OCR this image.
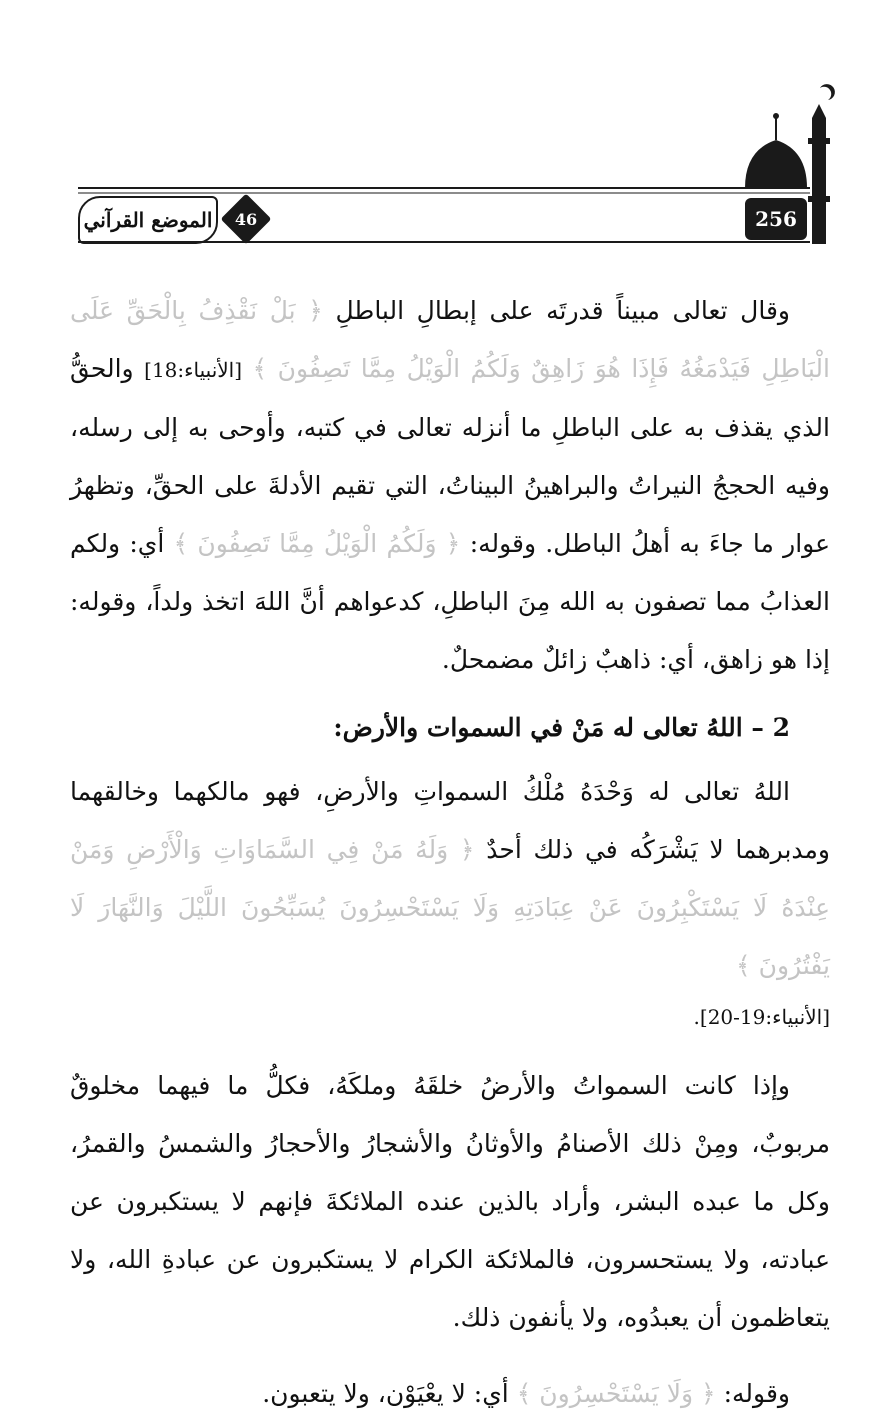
256
46
الموضع القرآني

وقال تعالى مبيناً قدرتَه على إبطالِ الباطلِ ﴿ بَلْ نَقْذِفُ بِالْحَقِّ عَلَى الْبَاطِلِ فَيَدْمَغُهُ فَإِذَا هُوَ زَاهِقٌ وَلَكُمُ الْوَيْلُ مِمَّا تَصِفُونَ ﴾ [الأنبياء:18] والحقُّ الذي يقذف به على الباطلِ ما أنزله تعالى في كتبه، وأوحى به إلى رسله، وفيه الحججُ النيراتُ والبراهينُ البيناتُ، التي تقيم الأدلةَ على الحقِّ، وتظهرُ عوار ما جاءَ به أهلُ الباطل. وقوله: ﴿ وَلَكُمُ الْوَيْلُ مِمَّا تَصِفُونَ ﴾ أي: ولكم العذابُ مما تصفون به الله مِنَ الباطلِ، كدعواهم أنَّ اللهَ اتخذ ولداً، وقوله: إذا هو زاهق، أي: ذاهبٌ زائلٌ مضمحلٌ.

2 – اللهُ تعالى له مَنْ في السموات والأرض:

اللهُ تعالى له وَحْدَهُ مُلْكُ السمواتِ والأرضِ، فهو مالكهما وخالقهما ومدبرهما لا يَشْرَكُه في ذلك أحدٌ ﴿ وَلَهُ مَنْ فِي السَّمَاوَاتِ وَالْأَرْضِ وَمَنْ عِنْدَهُ لَا يَسْتَكْبِرُونَ عَنْ عِبَادَتِهِ وَلَا يَسْتَحْسِرُونَ يُسَبِّحُونَ اللَّيْلَ وَالنَّهَارَ لَا يَفْتُرُونَ ﴾

[الأنبياء:19-20].

وإذا كانت السمواتُ والأرضُ خلقَهُ وملكَهُ، فكلُّ ما فيهما مخلوقٌ مربوبٌ، ومِنْ ذلك الأصنامُ والأوثانُ والأشجارُ والأحجارُ والشمسُ والقمرُ، وكل ما عبده البشر، وأراد بالذين عنده الملائكةَ فإنهم لا يستكبرون عن عبادته، ولا يستحسرون، فالملائكة الكرام لا يستكبرون عن عبادةِ الله، ولا يتعاظمون أن يعبدُوه، ولا يأنفون ذلك.

وقوله: ﴿ وَلَا يَسْتَحْسِرُونَ ﴾ أي: لا يعْيَوْن، ولا يتعبون.
